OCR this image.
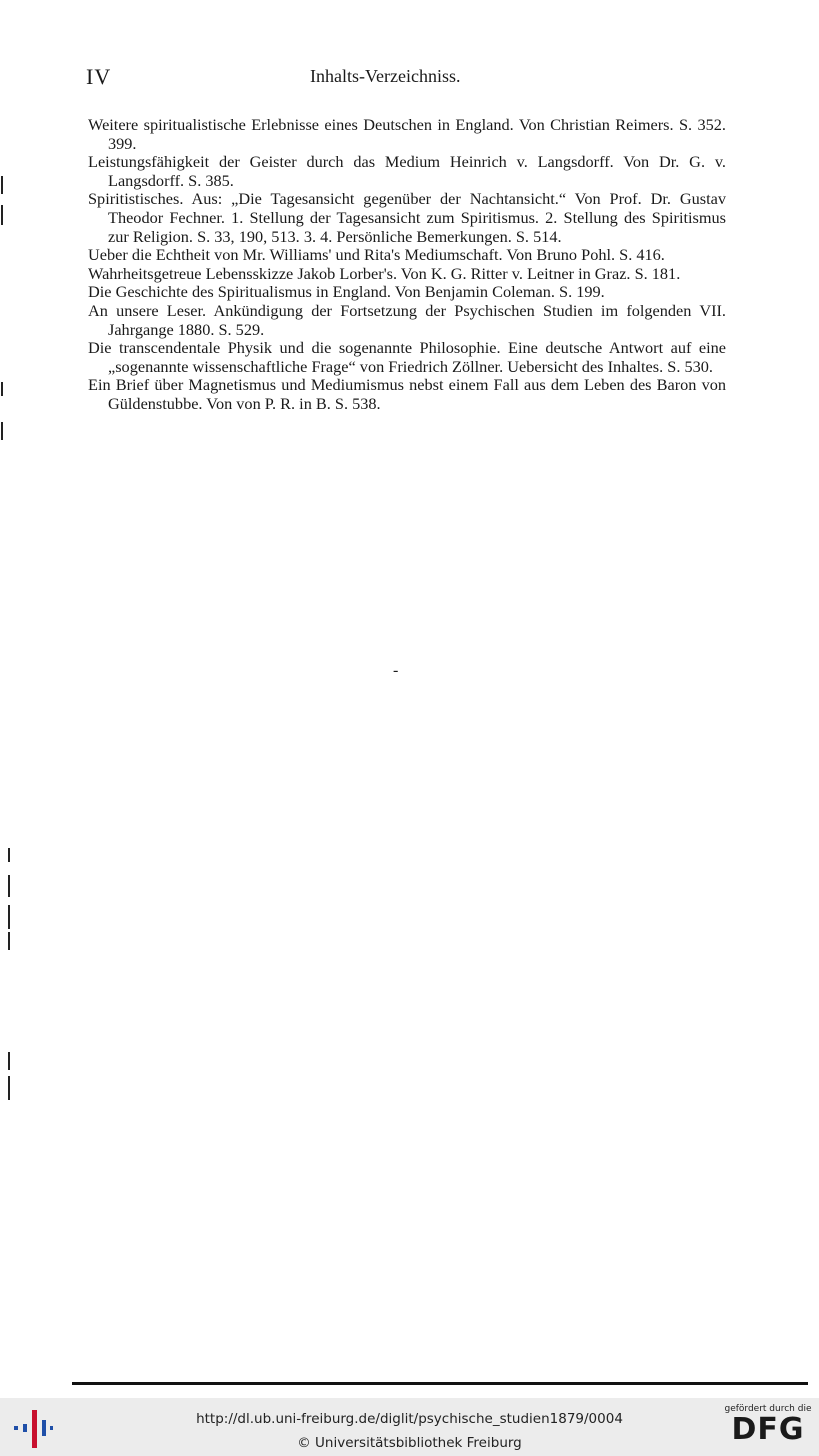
IV	Inhalts-Verzeichniss.

Weitere spiritualistische Erlebnisse eines Deutschen in England. Von Christian Reimers. S. 352. 399.

Leistungsfähigkeit der Geister durch das Medium Heinrich v. Langsdorff. Von Dr. G. v. Langsdorff. S. 385.

Spiritistisches. Aus: „Die Tagesansicht gegenüber der Nachtansicht.“ Von Prof. Dr. Gustav Theodor Fechner. 1. Stellung der Tagesansicht zum Spiritismus. 2. Stellung des Spiritismus zur Religion. S. 33, 190, 513. 3. 4. Persönliche Bemerkungen. S. 514.

Ueber die Echtheit von Mr. Williams' und Rita's Mediumschaft. Von Bruno Pohl. S. 416.

Wahrheitsgetreue Lebensskizze Jakob Lorber's. Von K. G. Ritter v. Leitner in Graz. S. 181.

Die Geschichte des Spiritualismus in England. Von Benjamin Coleman. S. 199.

An unsere Leser. Ankündigung der Fortsetzung der Psychischen Studien im folgenden VII. Jahrgange 1880. S. 529.

Die transcendentale Physik und die sogenannte Philosophie. Eine deutsche Antwort auf eine „sogenannte wissenschaftliche Frage“ von Friedrich Zöllner. Uebersicht des Inhaltes. S. 530.

Ein Brief über Magnetismus und Mediumismus nebst einem Fall aus dem Leben des Baron von Güldenstubbe. Von von P. R. in B. S. 538.

-
http://dl.ub.uni-freiburg.de/diglit/psychische_studien1879/0004
© Universitätsbibliothek Freiburg
gefördert durch die
DFG
